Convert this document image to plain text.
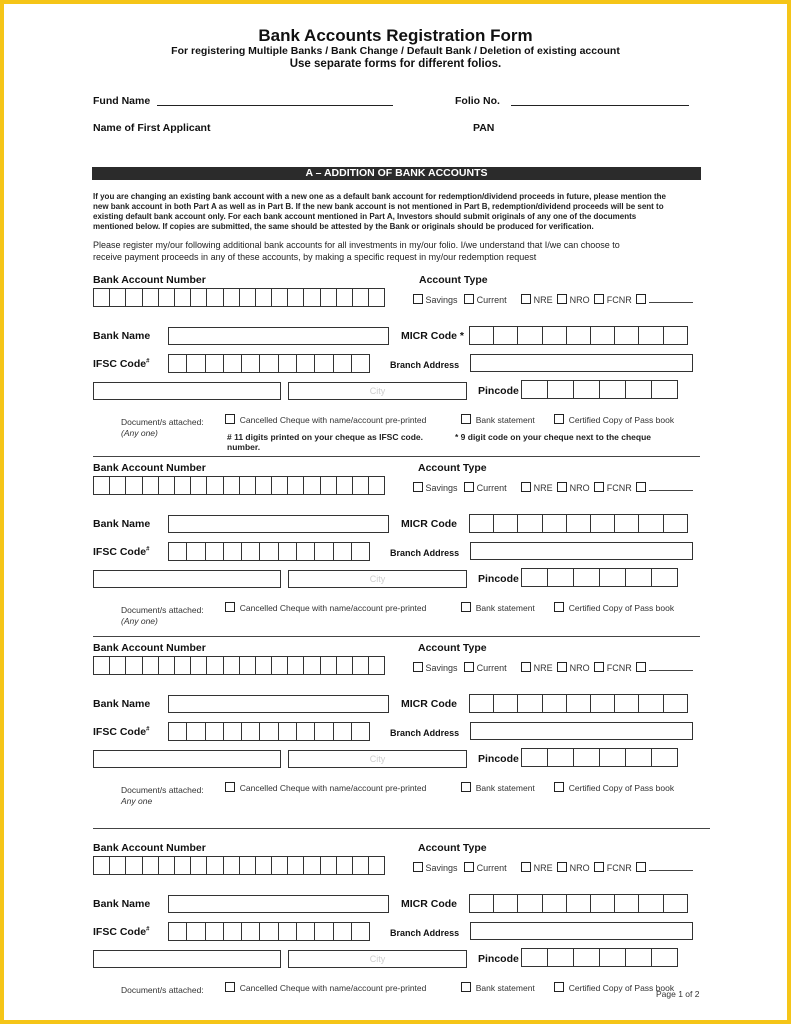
Bank Accounts Registration Form
For registering Multiple Banks / Bank Change / Default Bank / Deletion of existing account
Use separate forms for different folios.
Fund Name	Folio No.
Name of First Applicant	PAN
A – ADDITION OF BANK ACCOUNTS
If you are changing an existing bank account with a new one as a default bank account for redemption/dividend proceeds in future, please mention the
new bank account in both Part A as well as in Part B. If the new bank account is not mentioned in Part B, redemption/dividend proceeds will be sent to
existing default bank account only. For each bank account mentioned in Part A, Investors should submit originals of any one of the documents
mentioned below. If copies are submitted, the same should be attested by the Bank or originals should be produced for verification.
Please register my/our following additional bank accounts for all investments in my/our folio. I/we understand that I/we can choose to
receive payment proceeds in any of these accounts, by making a specific request in my/our redemption request
Bank Account Number	Account Type
Savings Current	NRE NRO FCNR
Bank Name	MICR Code *
IFSC Code#	Branch Address
City	Pincode
Document/s attached:
(Any one)
Cancelled Cheque with name/account pre-printed	Bank statement	Certified Copy of Pass book
Bank Account Number	Account Type
Savings Current	NRE NRO FCNR
Bank Name	MICR Code
IFSC Code#	Branch Address
City	Pincode
Document/s attached:
(Any one)
Cancelled Cheque with name/account pre-printed	Bank statement	Certified Copy of Pass book
Bank Account Number	Account Type
Savings Current	NRE NRO FCNR
Bank Name	MICR Code
IFSC Code#	Branch Address
City	Pincode
Document/s attached:
Any one
Cancelled Cheque with name/account pre-printed	Bank statement	Certified Copy of Pass book
Bank Account Number	Account Type
Savings Current	NRE NRO FCNR
Bank Name	MICR Code
IFSC Code#	Branch Address
City	Pincode
Document/s attached:	Cancelled Cheque with name/account pre-printed	Bank statement	Certified Copy of Pass book
# 11 digits printed on your cheque as IFSC code.
number.
* 9 digit code on your cheque next to the cheque
Page 1 of 2
